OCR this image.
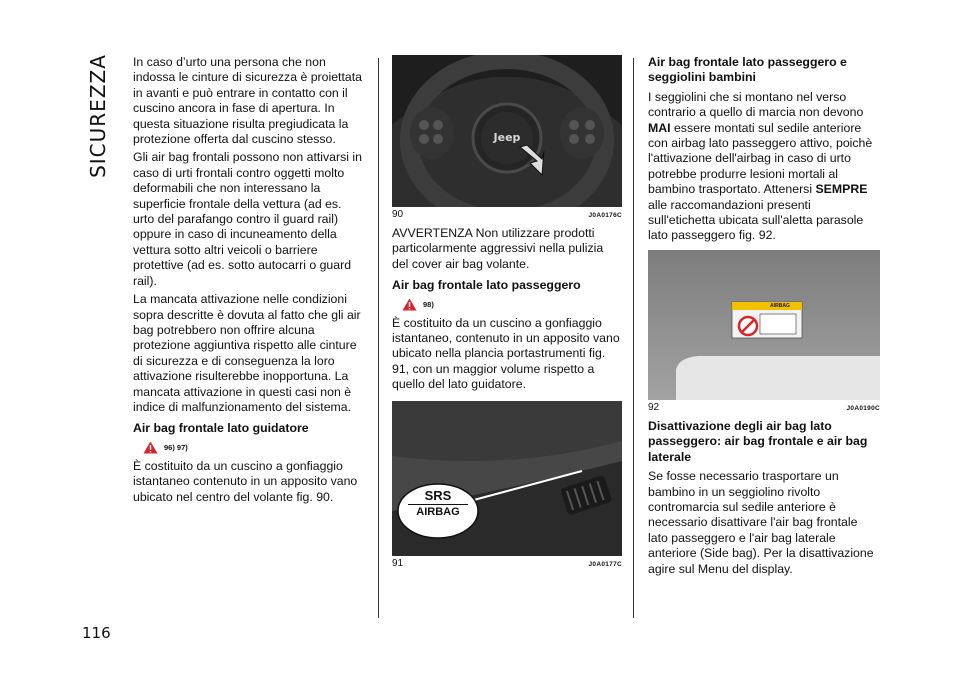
SICUREZZA
116

In caso d’urto una persona che non indossa le cinture di sicurezza è proiettata in avanti e può entrare in contatto con il cuscino ancora in fase di apertura. In questa situazione risulta pregiudicata la protezione offerta dal cuscino stesso.

Gli air bag frontali possono non attivarsi in caso di urti frontali contro oggetti molto deformabili che non interessano la superficie frontale della vettura (ad es. urto del parafango contro il guard rail) oppure in caso di incuneamento della vettura sotto altri veicoli o barriere protettive (ad es. sotto autocarri o guard rail).

La mancata attivazione nelle condizioni sopra descritte è dovuta al fatto che gli air bag potrebbero non offrire alcuna protezione aggiuntiva rispetto alle cinture di sicurezza e di conseguenza la loro attivazione risulterebbe inopportuna. La mancata attivazione in questi casi non è indice di malfunzionamento del sistema.

Air bag frontale lato guidatore
96) 97)

È costituito da un cuscino a gonfiaggio istantaneo contenuto in un apposito vano ubicato nel centro del volante fig. 90.

Jeep
90	J0A0176C

AVVERTENZA Non utilizzare prodotti particolarmente aggressivi nella pulizia del cover air bag volante.

Air bag frontale lato passeggero
98)

È costituito da un cuscino a gonfiaggio istantaneo, contenuto in un apposito vano ubicato nella plancia portastrumenti fig. 91, con un maggior volume rispetto a quello del lato guidatore.

SRS
AIRBAG
91	J0A0177C
Air bag frontale lato passeggero e seggiolini bambini

I seggiolini che si montano nel verso contrario a quello di marcia non devono MAI essere montati sul sedile anteriore con airbag lato passeggero attivo, poichè l'attivazione dell'airbag in caso di urto potrebbe produrre lesioni mortali al bambino trasportato. Attenersi SEMPRE alle raccomandazioni presenti sull'etichetta ubicata sull'aletta parasole lato passeggero fig. 92.

AIRBAG
92	J0A0190C
Disattivazione degli air bag lato passeggero: air bag frontale e air bag laterale

Se fosse necessario trasportare un bambino in un seggiolino rivolto contromarcia sul sedile anteriore è necessario disattivare l'air bag frontale lato passeggero e l'air bag laterale anteriore (Side bag). Per la disattivazione agire sul Menu del display.
